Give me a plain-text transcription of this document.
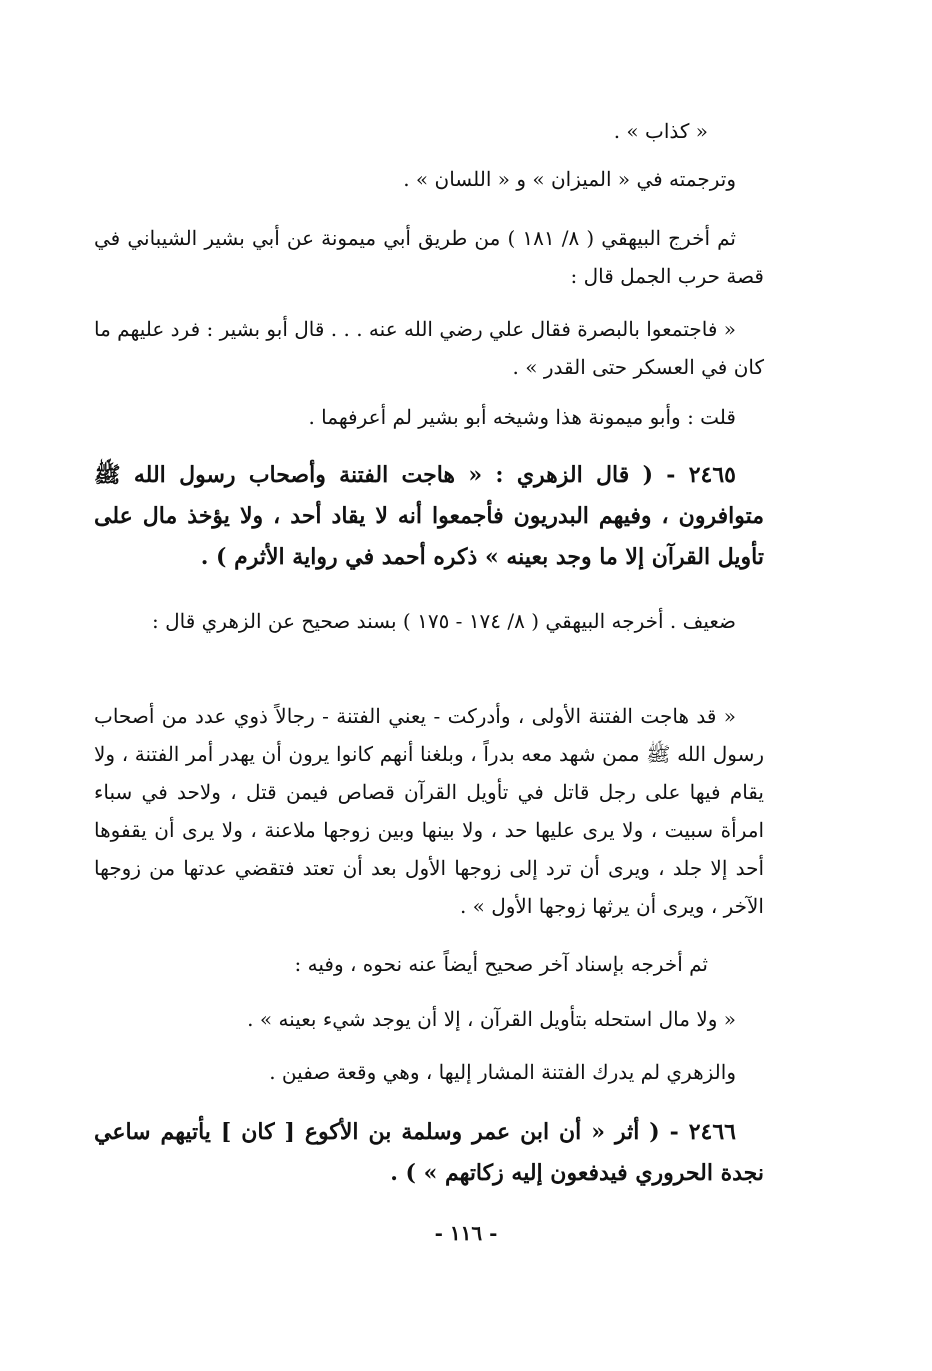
« كذاب » .

وترجمته في « الميزان » و « اللسان » .

ثم أخرج البيهقي ( ٨/ ١٨١ ) من طريق أبي ميمونة عن أبي بشير الشيباني في قصة حرب الجمل قال :

« فاجتمعوا بالبصرة فقال علي رضي الله عنه . . . قال أبو بشير : فرد عليهم ما كان في العسكر حتى القدر » .

قلت : وأبو ميمونة هذا وشيخه أبو بشير لم أعرفهما .

٢٤٦٥ - ( قال الزهري : « هاجت الفتنة وأصحاب رسول الله ﷺ متوافرون ، وفيهم البدريون فأجمعوا أنه لا يقاد أحد ، ولا يؤخذ مال على تأويل القرآن إلا ما وجد بعينه » ذكره أحمد في رواية الأثرم ) .

ضعيف . أخرجه البيهقي ( ٨/ ١٧٤ - ١٧٥ ) بسند صحيح عن الزهري قال :

« قد هاجت الفتنة الأولى ، وأدركت - يعني الفتنة - رجالاً ذوي عدد من أصحاب رسول الله ﷺ ممن شهد معه بدراً ، وبلغنا أنهم كانوا يرون أن يهدر أمر الفتنة ، ولا يقام فيها على رجل قاتل في تأويل القرآن قصاص فيمن قتل ، ولاحد في سباء امرأة سبيت ، ولا يرى عليها حد ، ولا بينها وبين زوجها ملاعنة ، ولا يرى أن يقفوها أحد إلا جلد ، ويرى أن ترد إلى زوجها الأول بعد أن تعتد فتقضي عدتها من زوجها الآخر ، ويرى أن يرثها زوجها الأول » .

ثم أخرجه بإسناد آخر صحيح أيضاً عنه نحوه ، وفيه :

« ولا مال استحله بتأويل القرآن ، إلا أن يوجد شيء بعينه » .

والزهري لم يدرك الفتنة المشار إليها ، وهي وقعة صفين .

٢٤٦٦ - ( أثر « أن ابن عمر وسلمة بن الأكوع [ كان ] يأتيهم ساعي نجدة الحروري فيدفعون إليه زكاتهم » ) .

- ١١٦ -
